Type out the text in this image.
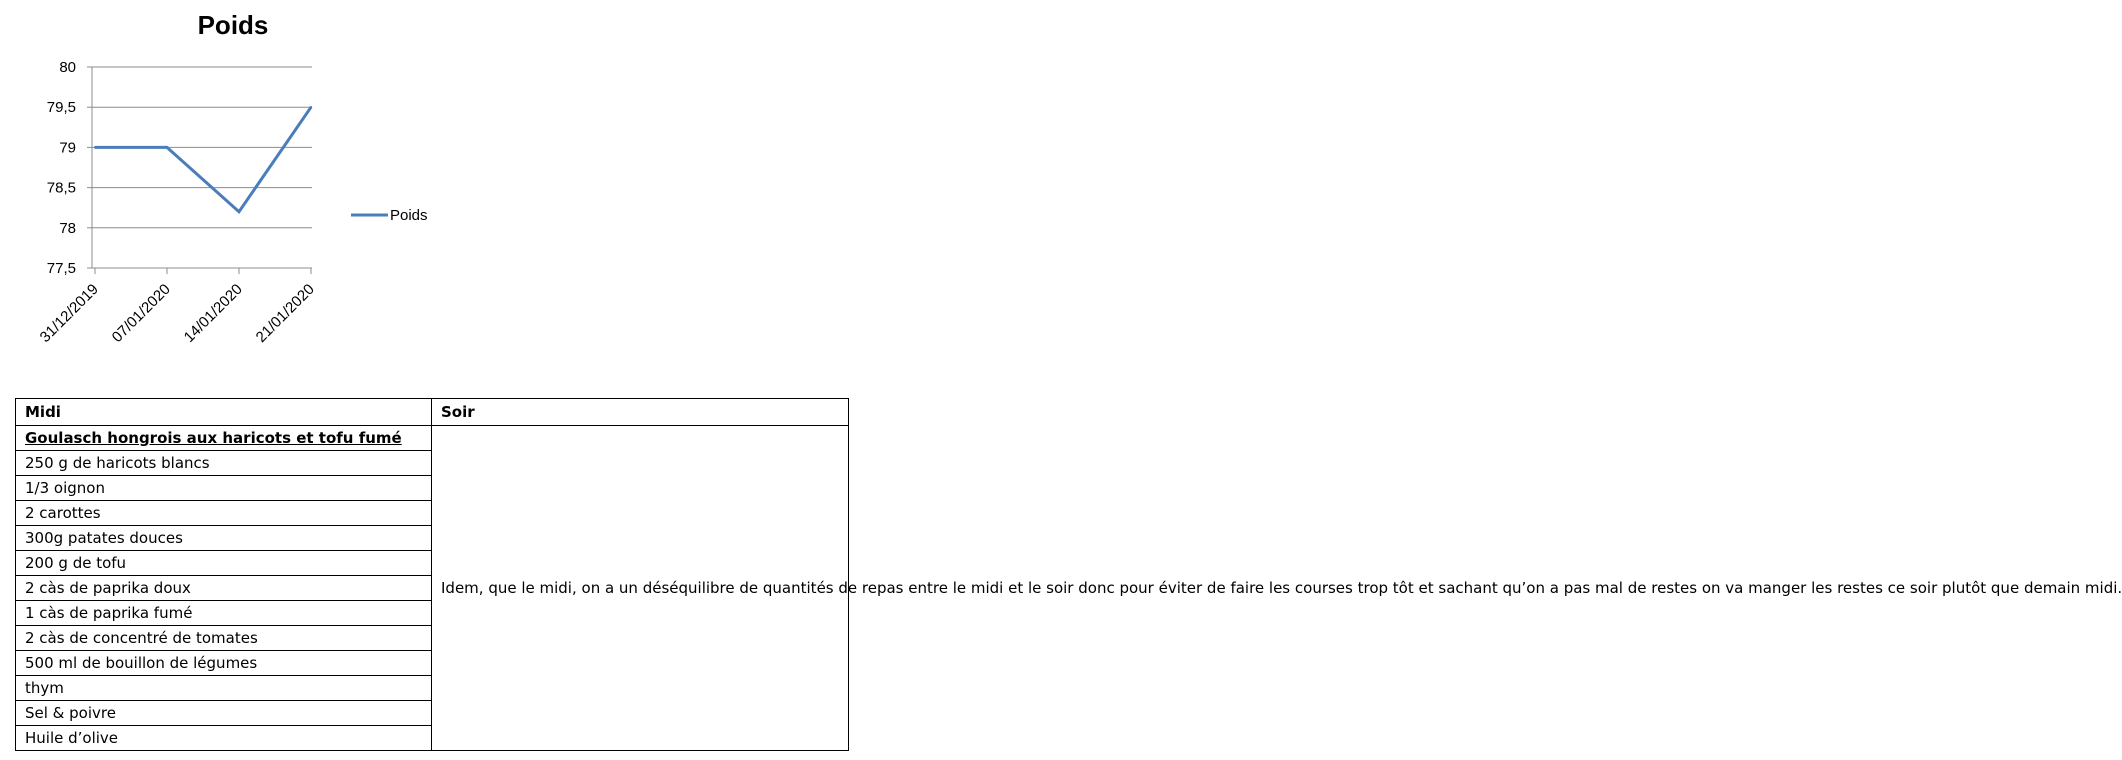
Poids
77,5
78
78,5
79
79,5
80
31/12/2019 07/01/2020 14/01/2020 21/01/2020
Poids
Midi	Soir
Goulasch hongrois aux haricots et tofu fumé	Idem, que le midi, on a un déséquilibre de quantités de repas entre le midi et le soir donc pour éviter de faire les courses trop tôt et sachant qu’on a pas mal de restes on va manger les restes ce soir plutôt que demain midi.
250 g de haricots blancs	
1/3 oignon	
2 carottes	
300g patates douces	
200 g de tofu	
2 càs de paprika doux	
1 càs de paprika fumé	
2 càs de concentré de tomates	
500 ml de bouillon de légumes	
thym	
Sel & poivre	
Huile d’olive	
